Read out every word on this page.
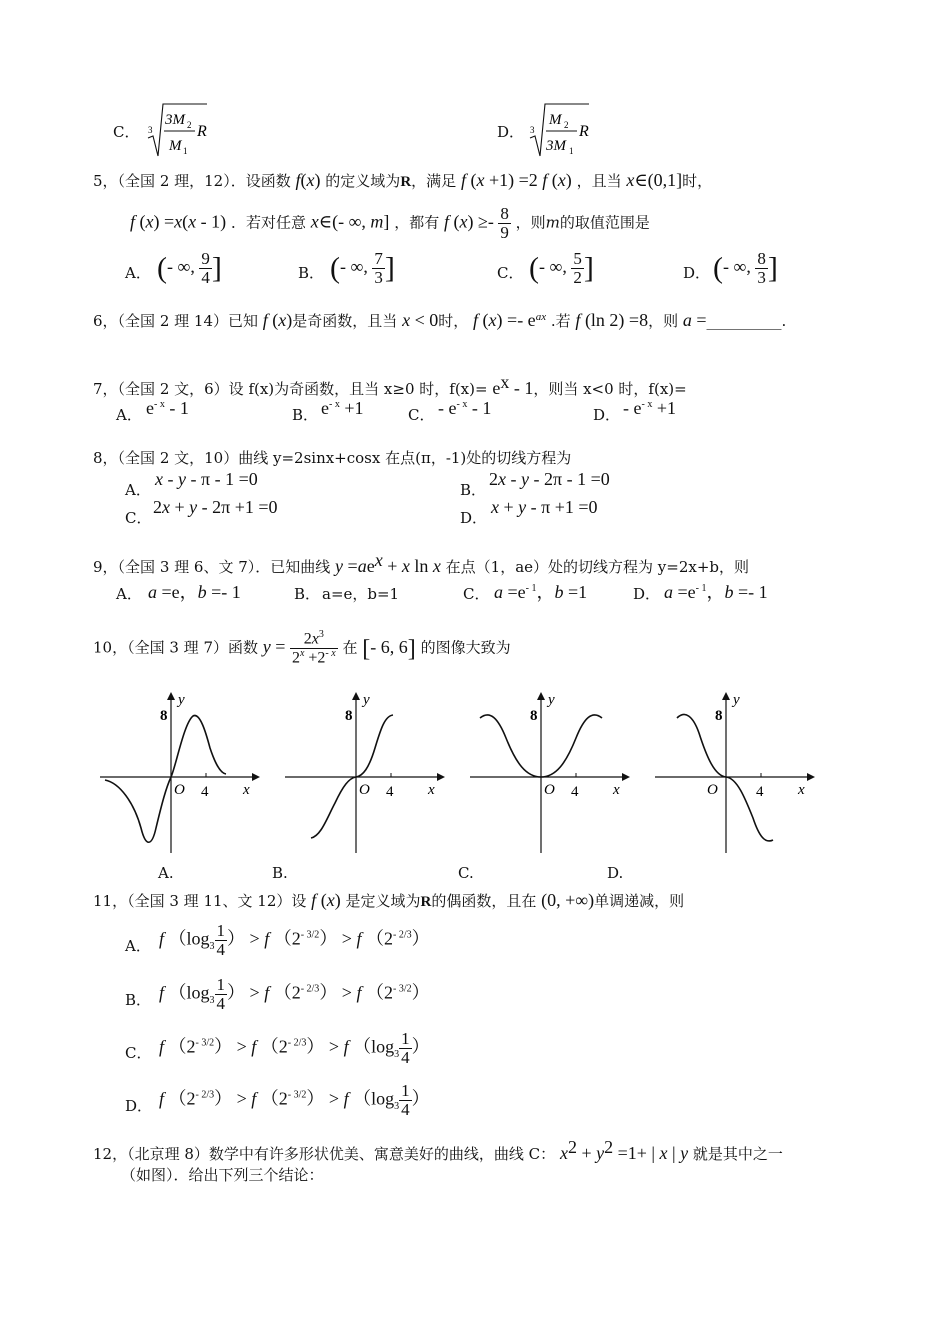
C． 3
3M 2
M 1
R	D． 3
M 2
3M 1
R
5，（全国 2 理，12）．设函数 f(x) 的定义域为R，满足 f (x +1) =2 f (x) ，且当 x∈(0,1]时，
f (x) =x(x - 1) ．若对任意 x∈(- ∞, m] ，都有 f $(x) \ge- \frac{8}{9}$ ，则m的取值范围是
A． (- ∞, $\frac{9}{4}$ ]	B． (- ∞, $\frac{7}{3}$ ]	C． (- ∞, $\frac{5}{2}$ ]	D． (- ∞, $\frac{8}{3}$ ]
6，（全国 2 理 14）已知 f (x)是奇函数，且当 x < 0时， f $(x) =- e^{ax}$ .若 f (ln 2) =8，则 a =__________.
7，（全国 2 文，6）设 f(x)为奇函数，且当 x≥0 时，$f(x)= e^x - 1$，则当 x<0 时，f(x)=
A． $e^{- x} - 1$	B． $e^{- x} +1$	C． - $e^{- x} - 1$	D． - $e^{- x} +1$
8，（全国 2 文，10）曲线 y=2sinx+cosx 在点(π，-1)处的切线方程为
A．
x - y - π - 1 =0
B．
2x - y - 2π - 1 =0
C．
2x + y - 2π +1 =0
D．
x + y - π +1 =0
9，（全国 3 理 6、文 7）．已知曲线 $y =ae^x + x$ ln x 在点（1，ae）处的切线方程为 y=2x+b，则
A． a =e，b =- 1	B． a=e，b=1	C． $a =e^{- 1}$，b =1	D． $a =e^{- 1}$，b =- 1
10，（全国 3 理 7）函数 $y = \frac{2x^3}{2^x +2^{- x}}$ 在 [- 6, 6] 的图像大致为
8
y
O 4 x
8
y
O 4 x
8
y
O 4 x
8
y
O	4 x
A.	B.	C.	D.
11，（全国 3 理 11、文 12）设 f (x) 是定义域为R的偶函数，且在 (0, +∞)单调递减，则
A． f （$\log_3 \frac{1}{4}$ ） > f $(2^{- 3/2}) > f$ $(2^{- 2/3})$
B． f （$\log_3 \frac{1}{4}$ ） > f $(2^{- 2/3}) > f$ $(2^{- 3/2})$
C． f $(2^{- 3/2}) > f$ $(2^{- 2/3}) > f$ （$\log_3 \frac{1}{4}$ ）
D． f $(2^{- 2/3}) > f$ $(2^{- 3/2}) > f$ （$\log_3 \frac{1}{4}$ ）
12，（北京理 8）数学中有许多形状优美、寓意美好的曲线，曲线 C： $x^2 + y^2 =1+$ | x | y 就是其中之一
（如图）．给出下列三个结论：
